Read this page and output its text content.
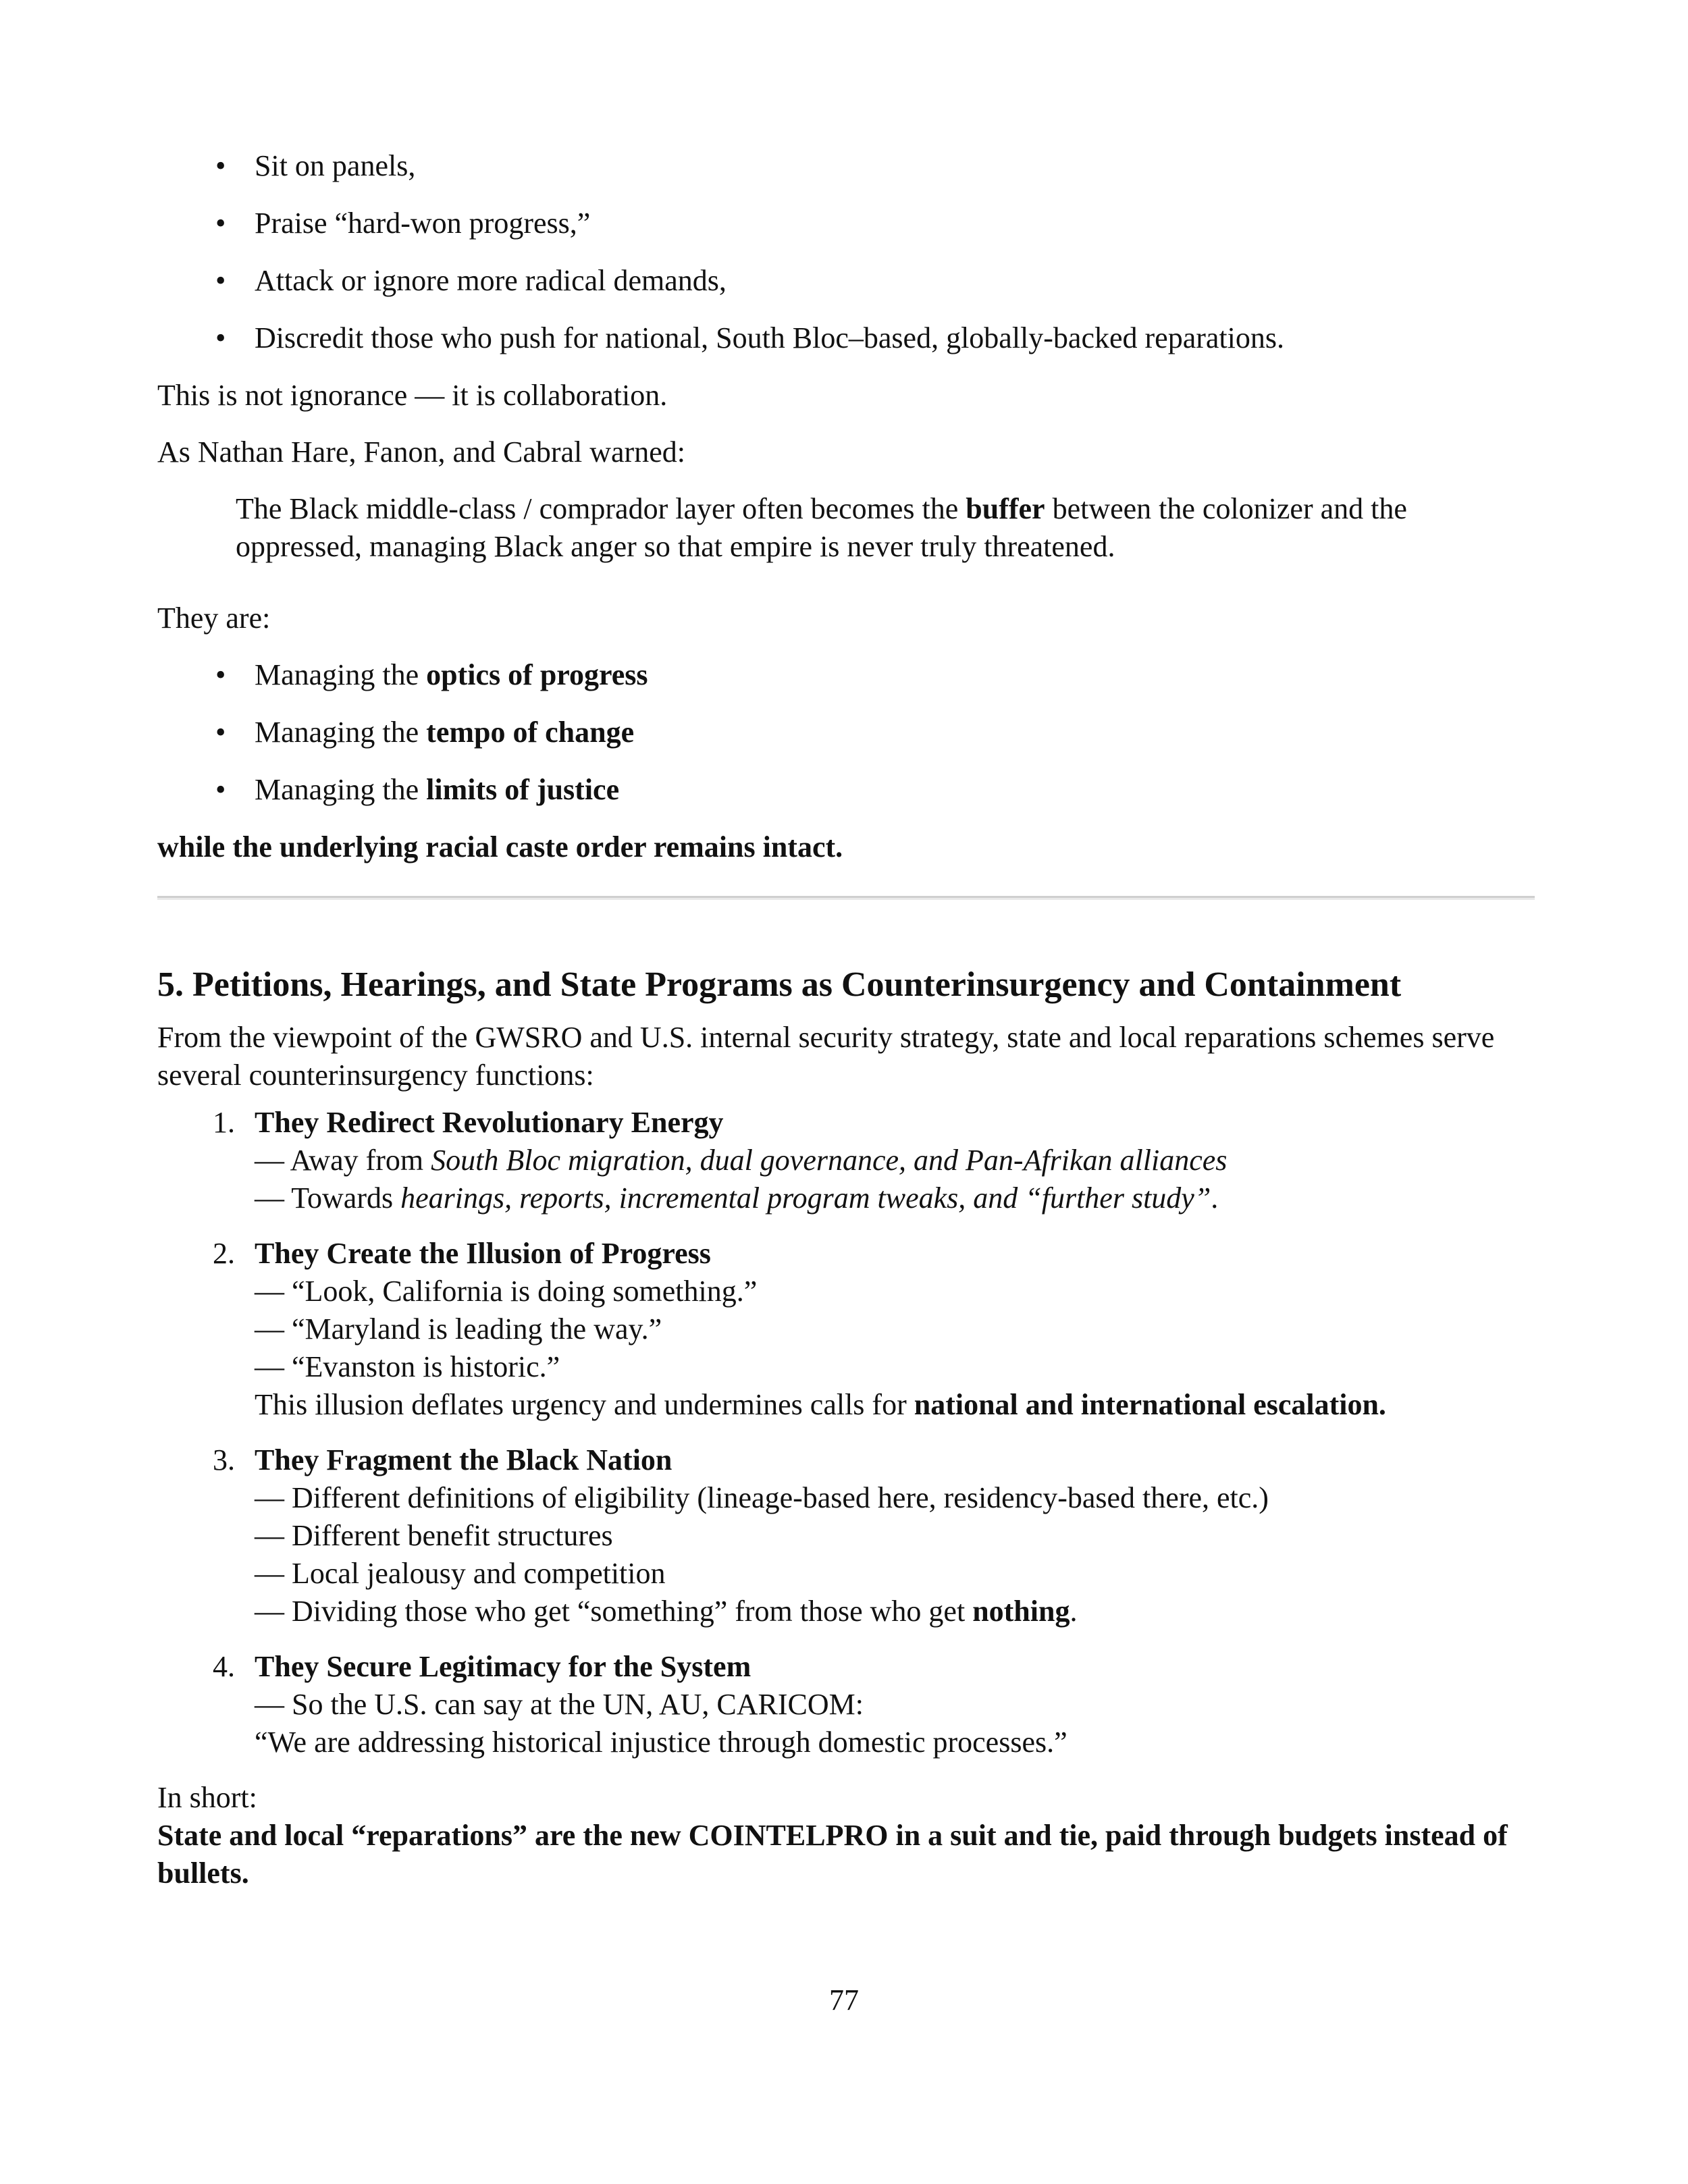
• Sit on panels,
• Praise “hard-won progress,”
• Attack or ignore more radical demands,
• Discredit those who push for national, South Bloc–based, globally-backed reparations.

This is not ignorance — it is collaboration.

As Nathan Hare, Fanon, and Cabral warned:

The Black middle-class / comprador layer often becomes the buffer between the colonizer and the oppressed, managing Black anger so that empire is never truly threatened.

They are:

• Managing the optics of progress
• Managing the tempo of change
• Managing the limits of justice

while the underlying racial caste order remains intact.

5. Petitions, Hearings, and State Programs as Counterinsurgency and Containment

From the viewpoint of the GWSRO and U.S. internal security strategy, state and local reparations schemes serve several counterinsurgency functions:

1. They Redirect Revolutionary Energy
— Away from South Bloc migration, dual governance, and Pan-Afrikan alliances
— Towards hearings, reports, incremental program tweaks, and “further study”.
2. They Create the Illusion of Progress
— “Look, California is doing something.”
— “Maryland is leading the way.”
— “Evanston is historic.”
This illusion deflates urgency and undermines calls for national and international escalation.
3. They Fragment the Black Nation
— Different definitions of eligibility (lineage-based here, residency-based there, etc.)
— Different benefit structures
— Local jealousy and competition
— Dividing those who get “something” from those who get nothing.
4. They Secure Legitimacy for the System
— So the U.S. can say at the UN, AU, CARICOM:
“We are addressing historical injustice through domestic processes.”

In short:

State and local “reparations” are the new COINTELPRO in a suit and tie, paid through budgets instead of bullets.

77
